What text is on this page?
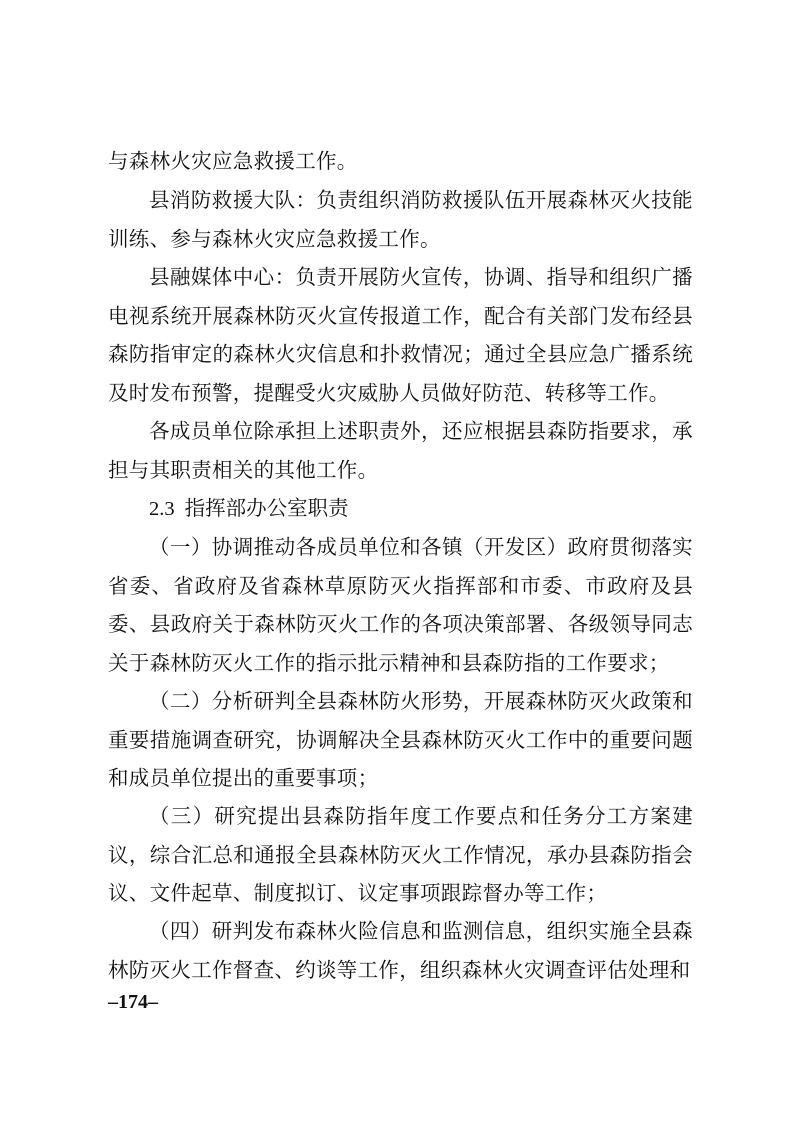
与森林火灾应急救援工作。

县消防救援大队：负责组织消防救援队伍开展森林灭火技能训练、参与森林火灾应急救援工作。

县融媒体中心：负责开展防火宣传，协调、指导和组织广播电视系统开展森林防灭火宣传报道工作，配合有关部门发布经县森防指审定的森林火灾信息和扑救情况；通过全县应急广播系统及时发布预警，提醒受火灾威胁人员做好防范、转移等工作。

各成员单位除承担上述职责外，还应根据县森防指要求，承担与其职责相关的其他工作。

2.3 指挥部办公室职责

（一）协调推动各成员单位和各镇（开发区）政府贯彻落实省委、省政府及省森林草原防灭火指挥部和市委、市政府及县委、县政府关于森林防灭火工作的各项决策部署、各级领导同志关于森林防灭火工作的指示批示精神和县森防指的工作要求；

（二）分析研判全县森林防火形势，开展森林防灭火政策和重要措施调查研究，协调解决全县森林防灭火工作中的重要问题和成员单位提出的重要事项；

（三）研究提出县森防指年度工作要点和任务分工方案建议，综合汇总和通报全县森林防灭火工作情况，承办县森防指会议、文件起草、制度拟订、议定事项跟踪督办等工作；

（四）研判发布森林火险信息和监测信息，组织实施全县森林防灭火工作督查、约谈等工作，组织森林火灾调查评估处理和

–174–
